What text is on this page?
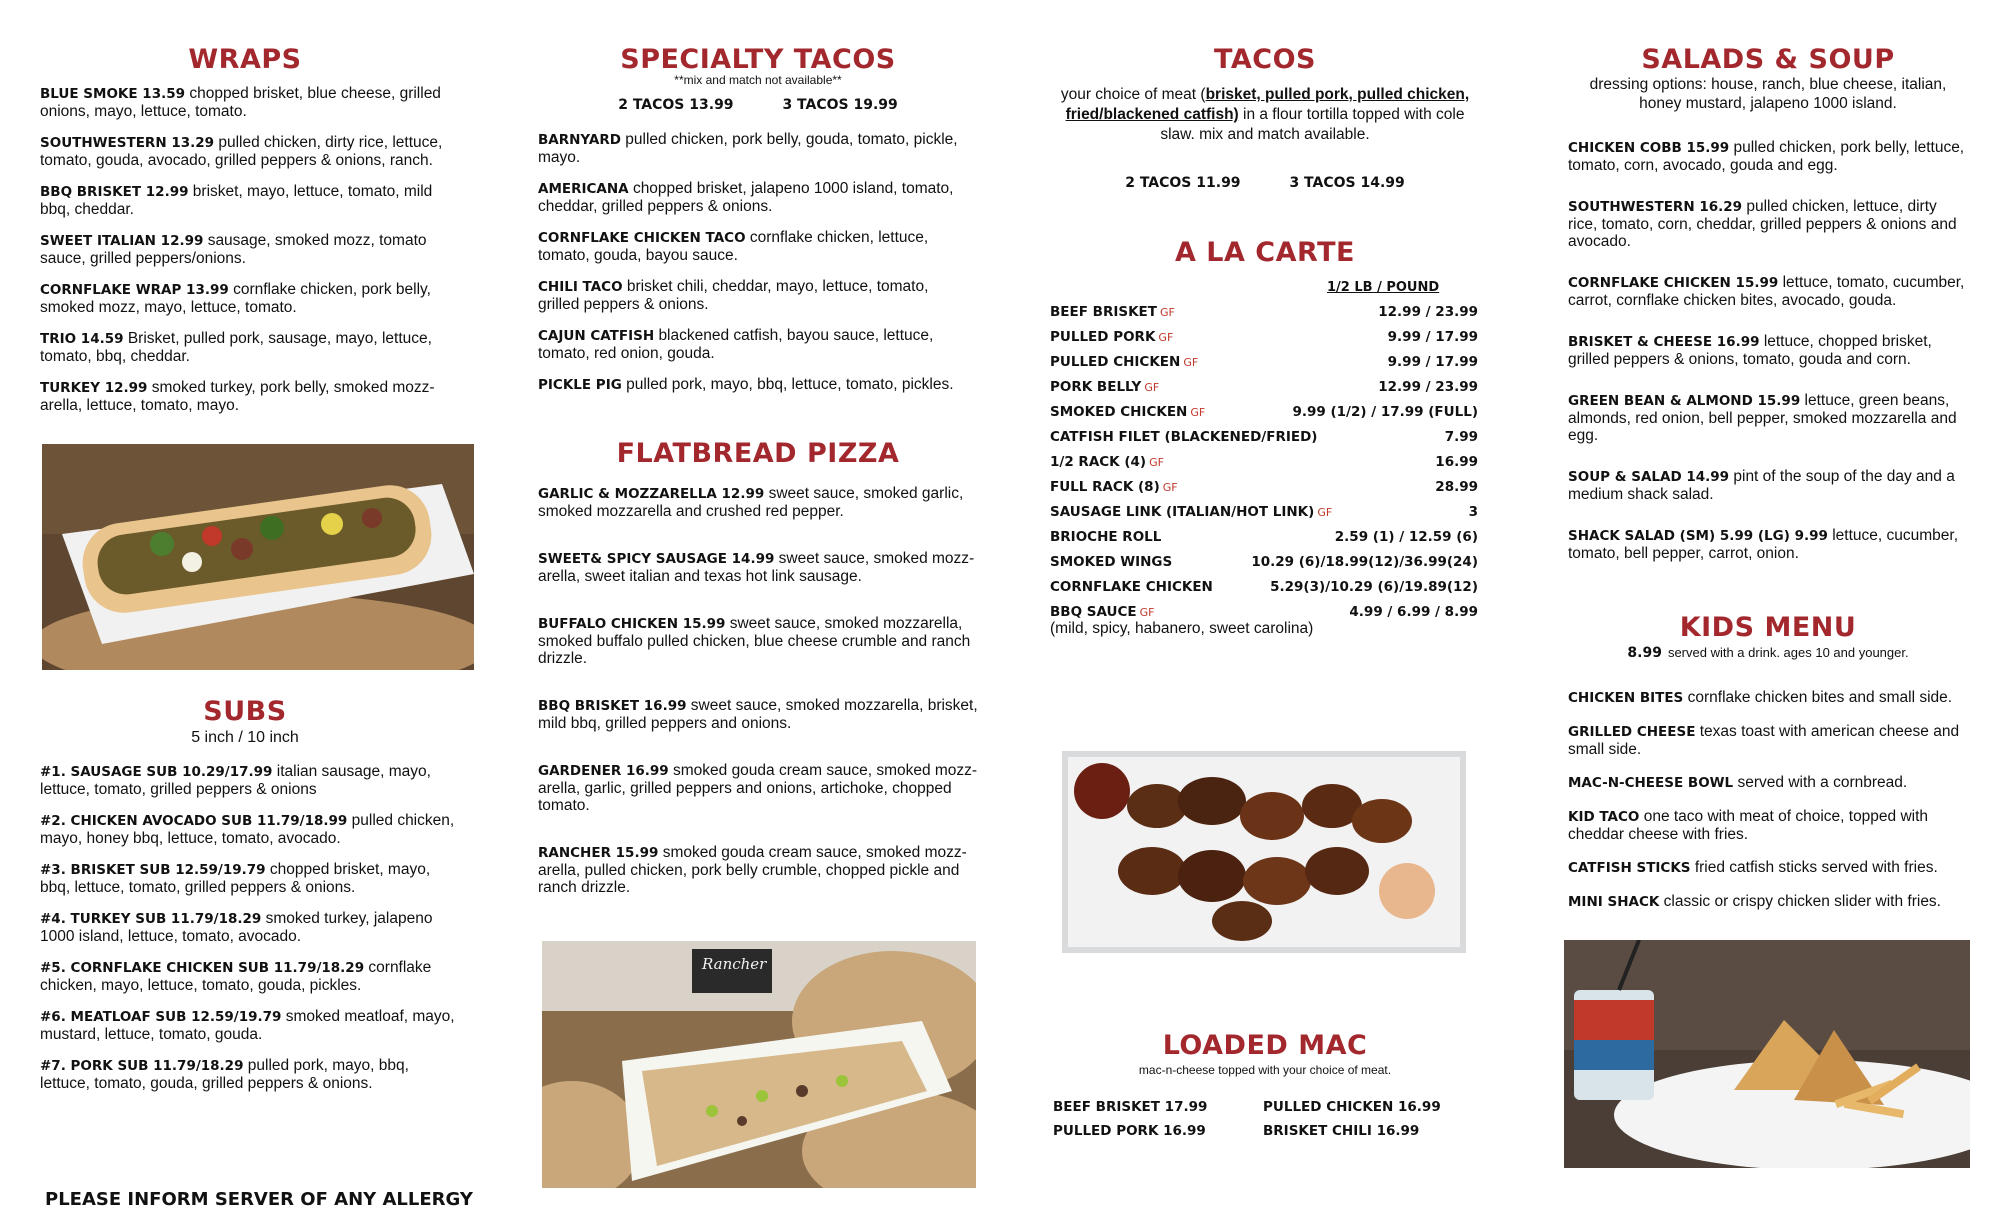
WRAPS
BLUE SMOKE 13.59 chopped brisket, blue cheese, grilled onions, mayo, lettuce, tomato.
SOUTHWESTERN 13.29 pulled chicken, dirty rice, lettuce, tomato, gouda, avocado, grilled peppers & onions, ranch.
BBQ BRISKET 12.99 brisket, mayo, lettuce, tomato, mild bbq, cheddar.
SWEET ITALIAN 12.99 sausage, smoked mozz, tomato sauce, grilled peppers/onions.
CORNFLAKE WRAP 13.99 cornflake chicken, pork belly, smoked mozz, mayo, lettuce, tomato.
TRIO 14.59 Brisket, pulled pork, sausage, mayo, lettuce, tomato, bbq, cheddar.
TURKEY 12.99 smoked turkey, pork belly, smoked mozz-arella, lettuce, tomato, mayo.
SUBS
5 inch / 10 inch
#1. SAUSAGE SUB 10.29/17.99 italian sausage, mayo, lettuce, tomato, grilled peppers & onions
#2. CHICKEN AVOCADO SUB 11.79/18.99 pulled chicken, mayo, honey bbq, lettuce, tomato, avocado.
#3. BRISKET SUB 12.59/19.79 chopped brisket, mayo, bbq, lettuce, tomato, grilled peppers & onions.
#4. TURKEY SUB 11.79/18.29 smoked turkey, jalapeno 1000 island, lettuce, tomato, avocado.
#5. CORNFLAKE CHICKEN SUB 11.79/18.29 cornflake chicken, mayo, lettuce, tomato, gouda, pickles.
#6. MEATLOAF SUB 12.59/19.79 smoked meatloaf, mayo, mustard, lettuce, tomato, gouda.
#7. PORK SUB 11.79/18.29 pulled pork, mayo, bbq, lettuce, tomato, gouda, grilled peppers & onions.
PLEASE INFORM SERVER OF ANY ALLERGY
SPECIALTY TACOS
**mix and match not available**
2 TACOS 13.99	3 TACOS 19.99
BARNYARD pulled chicken, pork belly, gouda, tomato, pickle, mayo.
AMERICANA chopped brisket, jalapeno 1000 island, tomato, cheddar, grilled peppers & onions.
CORNFLAKE CHICKEN TACO cornflake chicken, lettuce, tomato, gouda, bayou sauce.
CHILI TACO brisket chili, cheddar, mayo, lettuce, tomato, grilled peppers & onions.
CAJUN CATFISH blackened catfish, bayou sauce, lettuce, tomato, red onion, gouda.
PICKLE PIG pulled pork, mayo, bbq, lettuce, tomato, pickles.
FLATBREAD PIZZA
GARLIC & MOZZARELLA 12.99 sweet sauce, smoked garlic, smoked mozzarella and crushed red pepper.
SWEET& SPICY SAUSAGE 14.99 sweet sauce, smoked mozz-arella, sweet italian and texas hot link sausage.
BUFFALO CHICKEN 15.99 sweet sauce, smoked mozzarella, smoked buffalo pulled chicken, blue cheese crumble and ranch drizzle.
BBQ BRISKET 16.99 sweet sauce, smoked mozzarella, brisket, mild bbq, grilled peppers and onions.
GARDENER 16.99 smoked gouda cream sauce, smoked mozz-arella, garlic, grilled peppers and onions, artichoke, chopped tomato.
RANCHER 15.99 smoked gouda cream sauce, smoked mozz-arella, pulled chicken, pork belly crumble, chopped pickle and ranch drizzle.
Rancher
TACOS
your choice of meat (brisket, pulled pork, pulled chicken, fried/blackened catfish) in a flour tortilla topped with cole slaw. mix and match available.
2 TACOS 11.99	3 TACOS 14.99
A LA CARTE
1/2 LB / POUND
BEEF BRISKET GF	12.99 / 23.99
PULLED PORK GF	9.99 / 17.99
PULLED CHICKEN GF	9.99 / 17.99
PORK BELLY GF	12.99 / 23.99
SMOKED CHICKEN GF	9.99 (1/2) / 17.99 (FULL)
CATFISH FILET (BLACKENED/FRIED)	7.99
1/2 RACK (4) GF	16.99
FULL RACK (8) GF	28.99
SAUSAGE LINK (ITALIAN/HOT LINK) GF	3
BRIOCHE ROLL	2.59 (1) / 12.59 (6)
SMOKED WINGS	10.29 (6)/18.99(12)/36.99(24)
CORNFLAKE CHICKEN	5.29(3)/10.29 (6)/19.89(12)
BBQ SAUCE GF	4.99 / 6.99 / 8.99
(mild, spicy, habanero, sweet carolina)
LOADED MAC
mac-n-cheese topped with your choice of meat.
BEEF BRISKET 17.99	PULLED CHICKEN 16.99
PULLED PORK 16.99	BRISKET CHILI 16.99
SALADS & SOUP
dressing options: house, ranch, blue cheese, italian, honey mustard, jalapeno 1000 island.
CHICKEN COBB 15.99 pulled chicken, pork belly, lettuce, tomato, corn, avocado, gouda and egg.
SOUTHWESTERN 16.29 pulled chicken, lettuce, dirty rice, tomato, corn, cheddar, grilled peppers & onions and avocado.
CORNFLAKE CHICKEN 15.99 lettuce, tomato, cucumber, carrot, cornflake chicken bites, avocado, gouda.
BRISKET & CHEESE 16.99 lettuce, chopped brisket, grilled peppers & onions, tomato, gouda and corn.
GREEN BEAN & ALMOND 15.99 lettuce, green beans, almonds, red onion, bell pepper, smoked mozzarella and egg.
SOUP & SALAD 14.99 pint of the soup of the day and a medium shack salad.
SHACK SALAD (SM) 5.99 (LG) 9.99 lettuce, cucumber, tomato, bell pepper, carrot, onion.
KIDS MENU
8.99 served with a drink. ages 10 and younger.
CHICKEN BITES cornflake chicken bites and small side.
GRILLED CHEESE texas toast with american cheese and small side.
MAC-N-CHEESE BOWL served with a cornbread.
KID TACO one taco with meat of choice, topped with cheddar cheese with fries.
CATFISH STICKS fried catfish sticks served with fries.
MINI SHACK classic or crispy chicken slider with fries.
